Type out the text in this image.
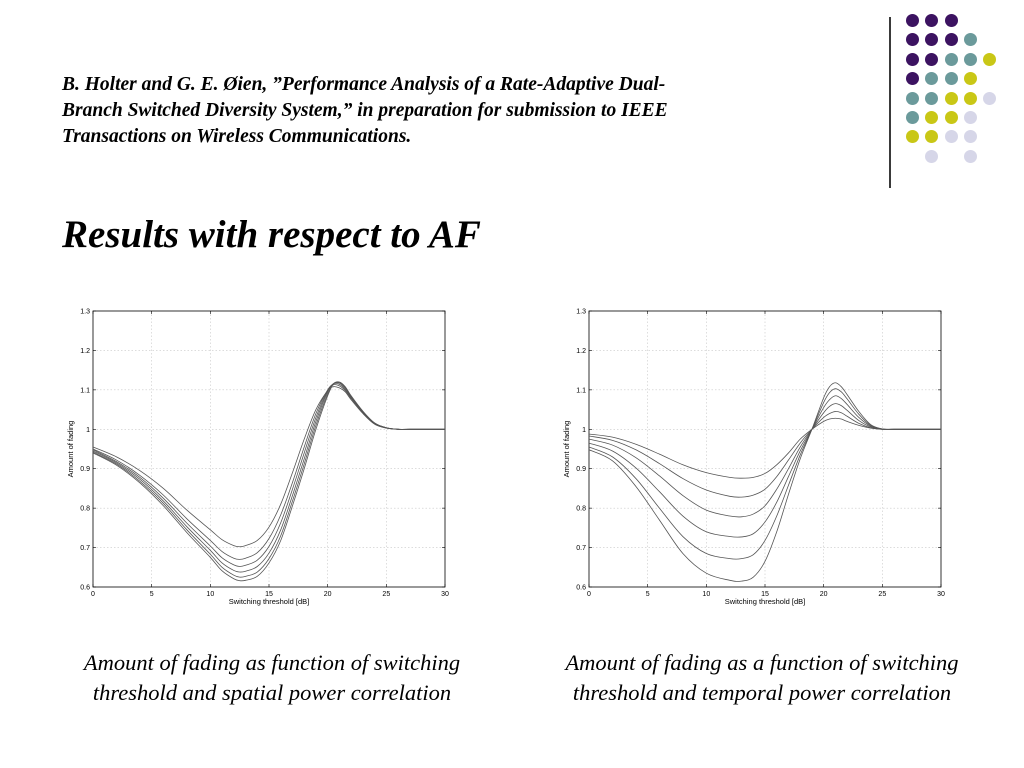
B. Holter and G. E. Øien, ”Performance Analysis of a Rate-Adaptive Dual-
Branch Switched Diversity System,” in preparation for submission to IEEE
Transactions on Wireless Communications.
Results with respect to AF
0	5	10	15	20	25	30
0.6
0.7
0.8
0.9
1
1.1
1.2
1.3
Switching threshold [dB]
Amount of fading
0	5	10	15	20	25	30
0.6
0.7
0.8
0.9
1
1.1
1.2
1.3
Switching threshold [dB]
Amount of fading

Amount of fading as function of switching
threshold and spatial power correlation

Amount of fading as a function of switching
threshold and temporal power correlation
